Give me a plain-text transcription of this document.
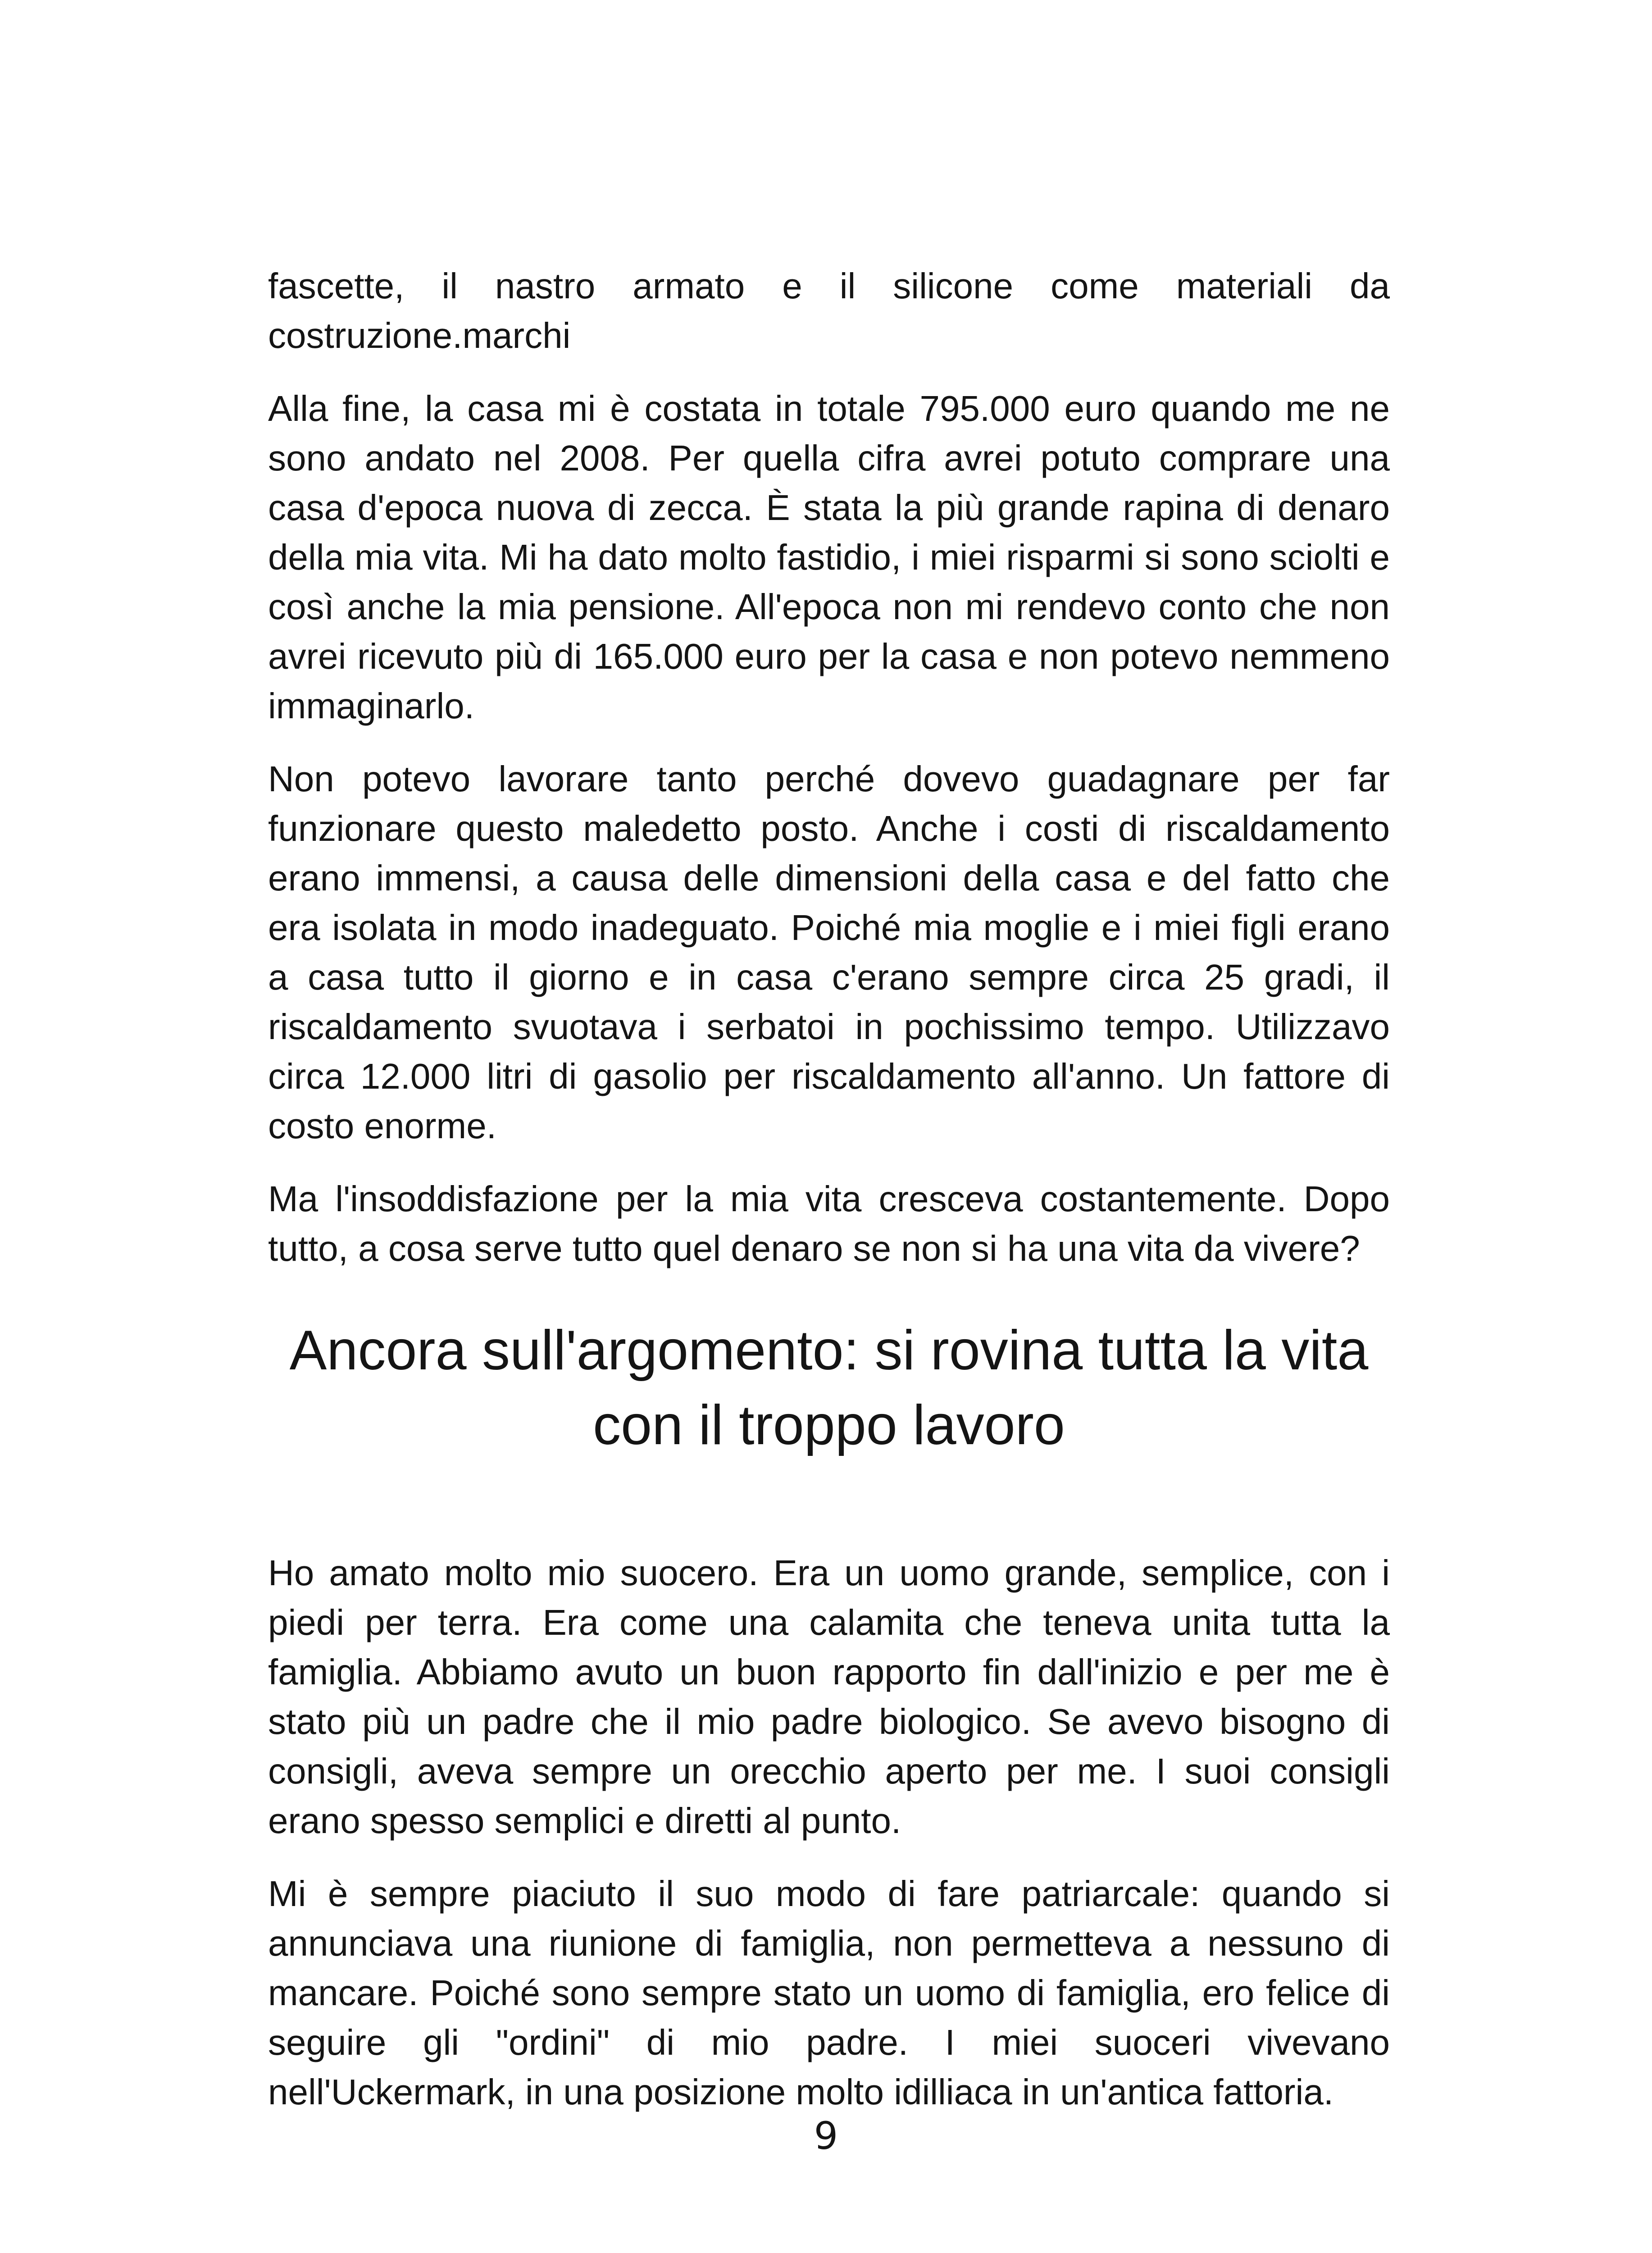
fascette, il nastro armato e il silicone come materiali da costruzione.marchi

Alla fine, la casa mi è costata in totale 795.000 euro quando me ne sono andato nel 2008. Per quella cifra avrei potuto comprare una casa d'epoca nuova di zecca. È stata la più grande rapina di denaro della mia vita. Mi ha dato molto fastidio, i miei risparmi si sono sciolti e così anche la mia pensione. All'epoca non mi rendevo conto che non avrei ricevuto più di 165.000 euro per la casa e non potevo nemmeno immaginarlo.

Non potevo lavorare tanto perché dovevo guadagnare per far funzionare questo maledetto posto. Anche i costi di riscaldamento erano immensi, a causa delle dimensioni della casa e del fatto che era isolata in modo inadeguato. Poiché mia moglie e i miei figli erano a casa tutto il giorno e in casa c'erano sempre circa 25 gradi, il riscaldamento svuotava i serbatoi in pochissimo tempo. Utilizzavo circa 12.000 litri di gasolio per riscaldamento all'anno. Un fattore di costo enorme.

Ma l'insoddisfazione per la mia vita cresceva costantemente. Dopo tutto, a cosa serve tutto quel denaro se non si ha una vita da vivere?

Ancora sull'argomento: si rovina tutta la vita con il troppo lavoro

Ho amato molto mio suocero. Era un uomo grande, semplice, con i piedi per terra. Era come una calamita che teneva unita tutta la famiglia. Abbiamo avuto un buon rapporto fin dall'inizio e per me è stato più un padre che il mio padre biologico. Se avevo bisogno di consigli, aveva sempre un orecchio aperto per me. I suoi consigli erano spesso semplici e diretti al punto.

Mi è sempre piaciuto il suo modo di fare patriarcale: quando si annunciava una riunione di famiglia, non permetteva a nessuno di mancare. Poiché sono sempre stato un uomo di famiglia, ero felice di seguire gli "ordini" di mio padre. I miei suoceri vivevano nell'Uckermark, in una posizione molto idilliaca in un'antica fattoria.

9
